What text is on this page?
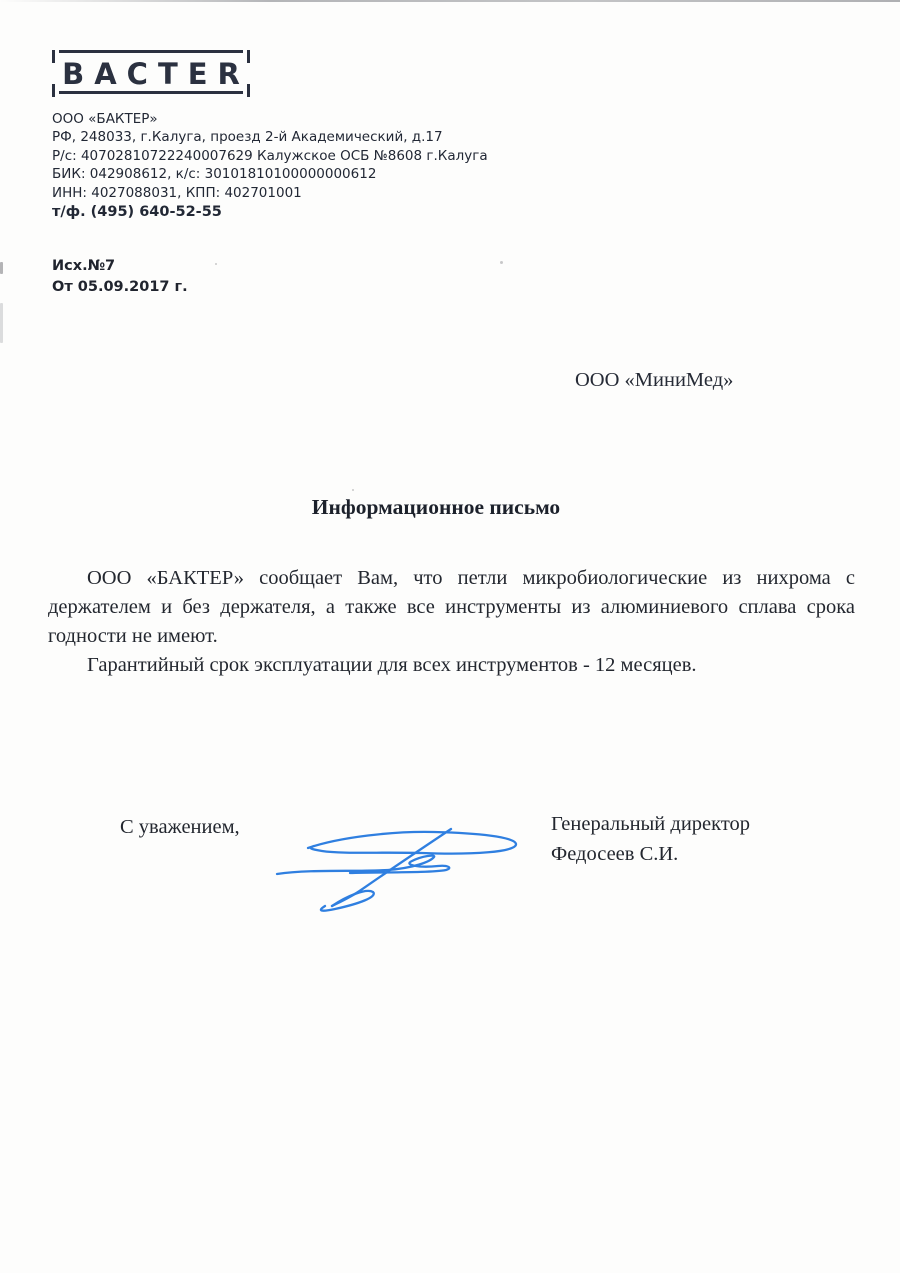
BACTER
ООО «БАКТЕР»
РФ, 248033, г.Калуга, проезд 2-й Академический, д.17
Р/с: 40702810722240007629 Калужское ОСБ №8608 г.Калуга
БИК: 042908612, к/с: 30101810100000000612
ИНН: 4027088031, КПП: 402701001
т/ф. (495) 640-52-55
Исх.№7
От 05.09.2017 г.
ООО «МиниМед»
Информационное письмо
ООО «БАКТЕР» сообщает Вам, что петли микробиологические из нихрома с
держателем и без держателя, а также все инструменты из алюминиевого сплава срока
годности не имеют.
Гарантийный срок эксплуатации для всех инструментов - 12 месяцев.
С уважением,	Генеральный директор
Федосеев С.И.
